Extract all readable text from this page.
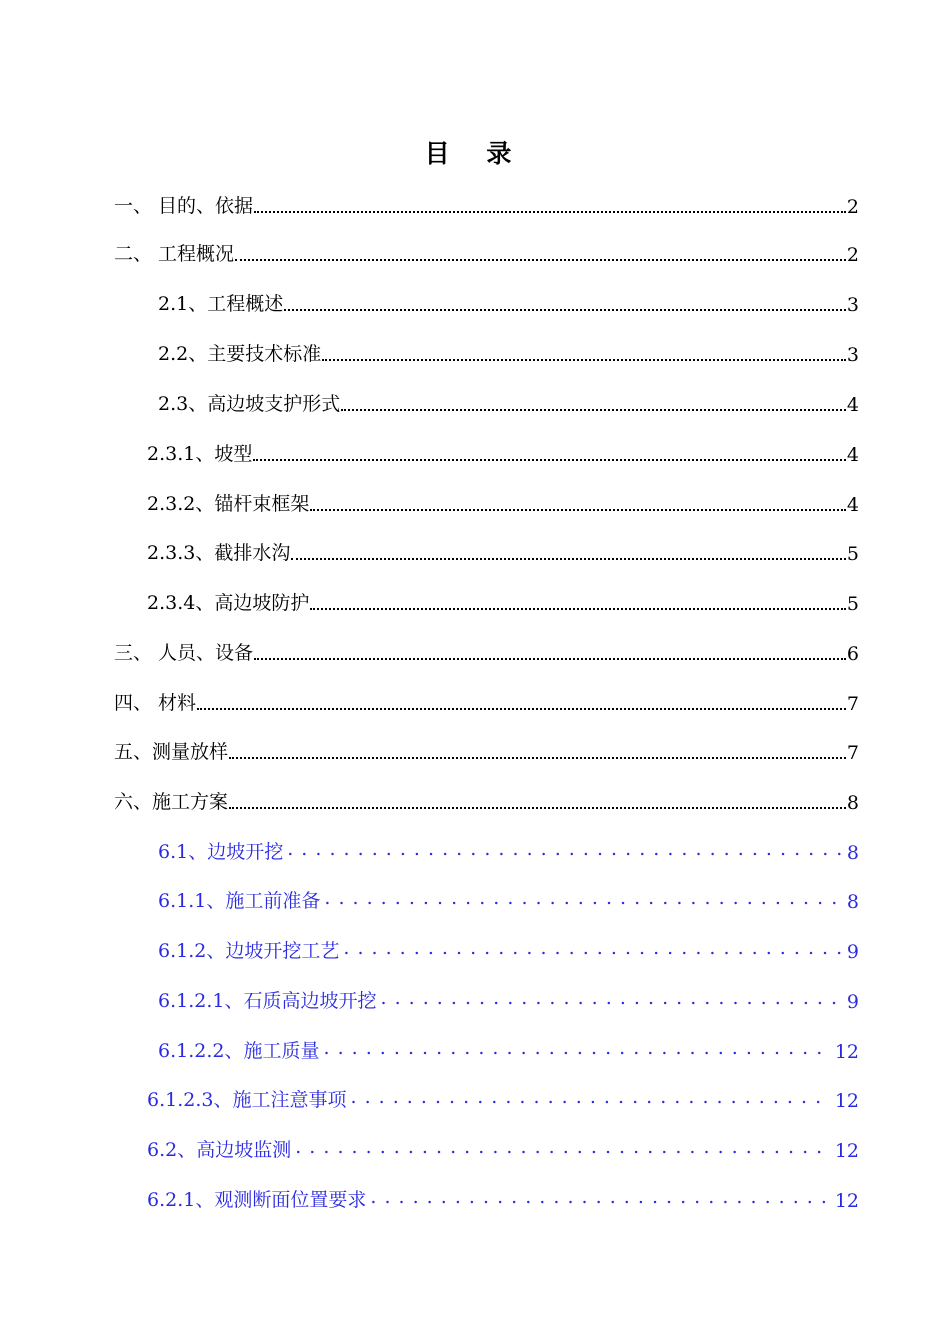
目 录
一、 目的、依据	2
二、 工程概况	2
2.1、工程概述	3
2.2、主要技术标准	3
2.3、高边坡支护形式	4
2.3.1、坡型	4
2.3.2、锚杆束框架	4
2.3.3、截排水沟	5
2.3.4、高边坡防护	5
三、 人员、设备	6
四、 材料	7
五、测量放样	7
六、施工方案	8
6.1、边坡开挖 . . .	8
6.1.1、施工前准备 . . .	8
6.1.2、边坡开挖工艺 . . .	9
6.1.2.1、石质高边坡开挖 . . .	9
6.1.2.2、施工质量 . . .	12
6.1.2.3、施工注意事项 . . .	12
6.2、高边坡监测 . . .	12
6.2.1、观测断面位置要求 . . .	12
